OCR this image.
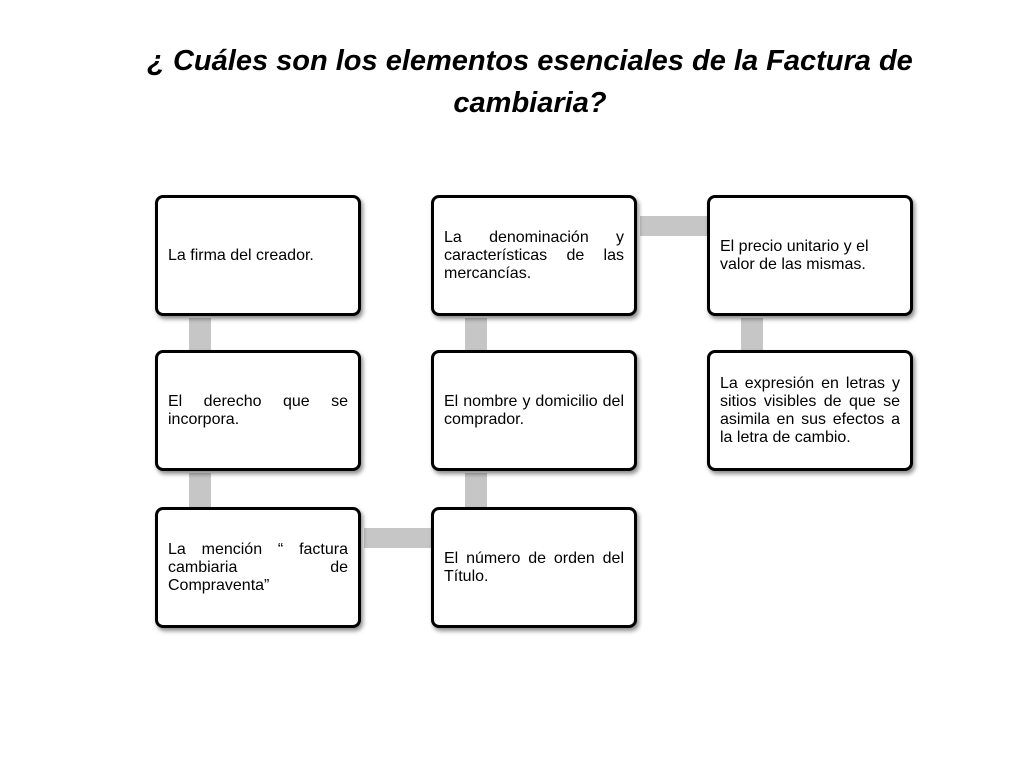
¿ Cuáles son los elementos esenciales de la Factura de cambiaria?
La firma del creador.
El derecho que se incorpora.
La mención “ factura cambiaria de Compraventa”
El número de orden del Título.
El nombre y domicilio del comprador.
La denominación y características de las mercancías.
El precio unitario y el valor de las mismas.
La expresión en letras y sitios visibles de que se asimila en sus efectos a la letra de cambio.
